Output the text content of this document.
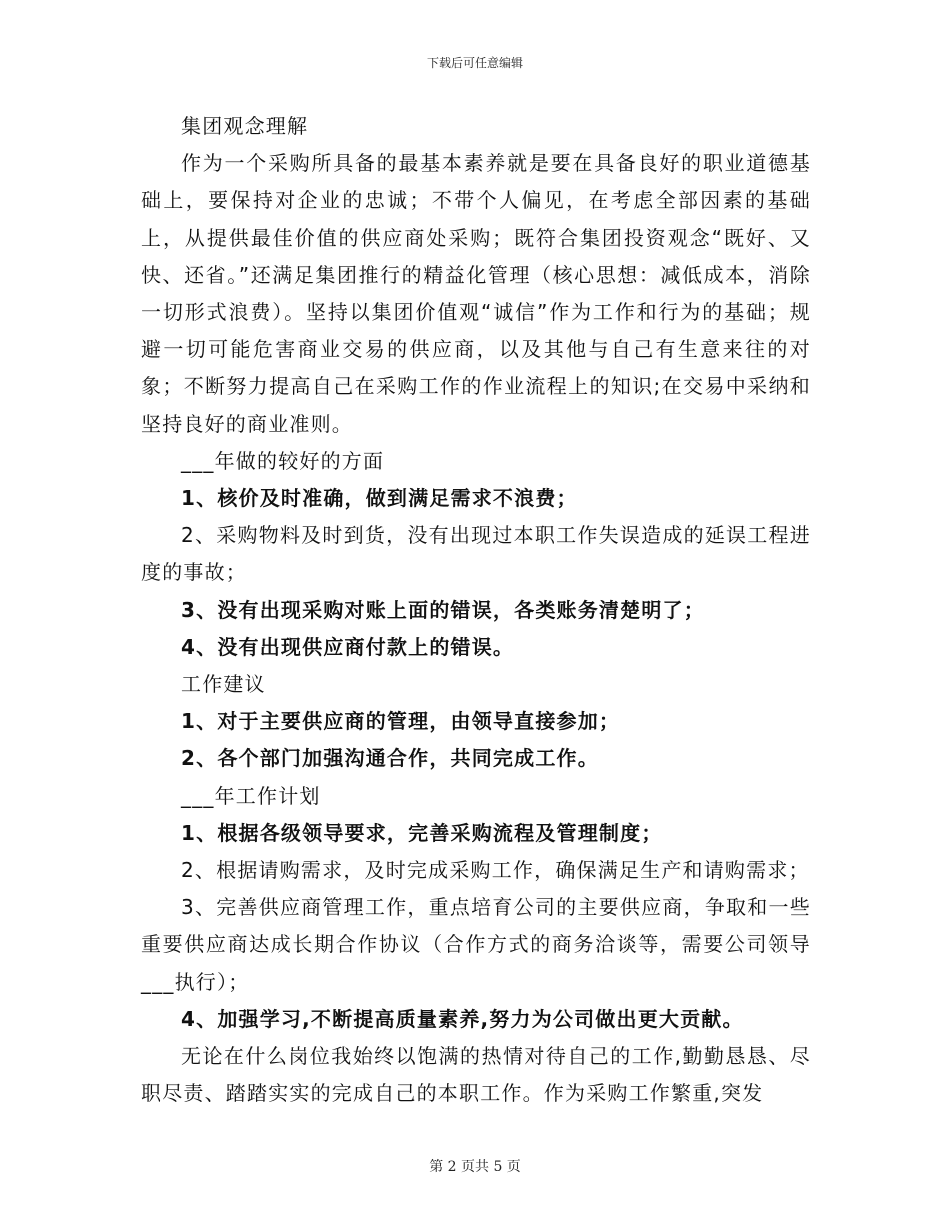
下载后可任意编辑

集团观念理解

作为一个采购所具备的最基本素养就是要在具备良好的职业道德基础上，要保持对企业的忠诚；不带个人偏见，在考虑全部因素的基础上，从提供最佳价值的供应商处采购；既符合集团投资观念“既好、又快、还省。”还满足集团推行的精益化管理（核心思想：减低成本，消除一切形式浪费）。坚持以集团价值观“诚信”作为工作和行为的基础；规避一切可能危害商业交易的供应商，以及其他与自己有生意来往的对象；不断努力提高自己在采购工作的作业流程上的知识;在交易中采纳和坚持良好的商业准则。

___年做的较好的方面

1、核价及时准确，做到满足需求不浪费；

2、采购物料及时到货，没有出现过本职工作失误造成的延误工程进度的事故；

3、没有出现采购对账上面的错误，各类账务清楚明了；

4、没有出现供应商付款上的错误。

工作建议

1、对于主要供应商的管理，由领导直接参加；

2、各个部门加强沟通合作，共同完成工作。

___年工作计划

1、根据各级领导要求，完善采购流程及管理制度；

2、根据请购需求，及时完成采购工作，确保满足生产和请购需求；

3、完善供应商管理工作，重点培育公司的主要供应商，争取和一些重要供应商达成长期合作协议（合作方式的商务洽谈等，需要公司领导___执行）；

4、加强学习,不断提高质量素养,努力为公司做出更大贡献。

无论在什么岗位我始终以饱满的热情对待自己的工作,勤勤恳恳、尽职尽责、踏踏实实的完成自己的本职工作。作为采购工作繁重,突发

第 2 页共 5 页
